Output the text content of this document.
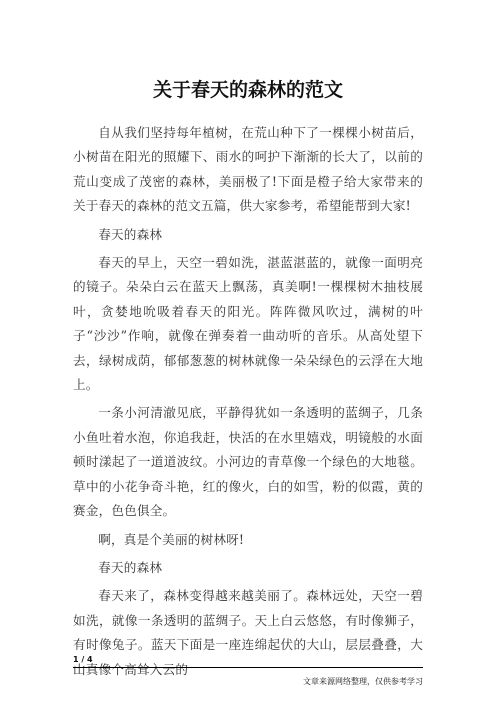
关于春天的森林的范文

自从我们坚持每年植树，在荒山种下了一棵棵小树苗后，小树苗在阳光的照耀下、雨水的呵护下渐渐的长大了，以前的荒山变成了茂密的森林，美丽极了!下面是橙子给大家带来的关于春天的森林的范文五篇，供大家参考，希望能帮到大家!

春天的森林

春天的早上，天空一碧如洗，湛蓝湛蓝的，就像一面明亮的镜子。朵朵白云在蓝天上飘荡，真美啊!一棵棵树木抽枝展叶，贪婪地吮吸着春天的阳光。阵阵微风吹过，满树的叶子“沙沙”作响，就像在弹奏着一曲动听的音乐。从高处望下去，绿树成荫，郁郁葱葱的树林就像一朵朵绿色的云浮在大地上。

一条小河清澈见底，平静得犹如一条透明的蓝绸子，几条小鱼吐着水泡，你追我赶，快活的在水里嬉戏，明镜般的水面顿时漾起了一道道波纹。小河边的青草像一个绿色的大地毯。草中的小花争奇斗艳，红的像火，白的如雪，粉的似霞，黄的赛金，色色俱全。

啊，真是个美丽的树林呀!

春天的森林

春天来了，森林变得越来越美丽了。森林远处，天空一碧如洗，就像一条透明的蓝绸子。天上白云悠悠，有时像狮子，有时像兔子。蓝天下面是一座连绵起伏的大山，层层叠叠，大山真像个高耸入云的

1 / 4
文章来源网络整理，仅供参考学习
